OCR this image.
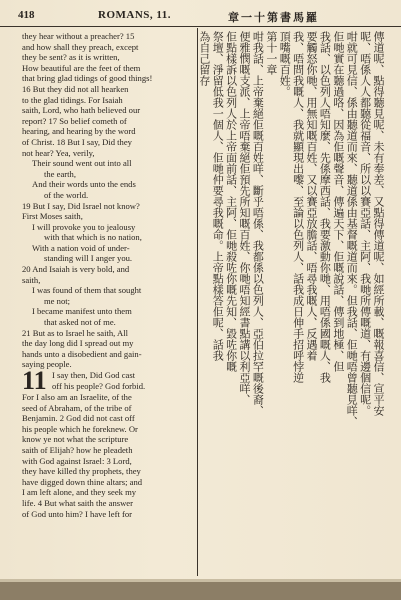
418	ROMANS, 11.	章一十第書馬羅
they hear without a preacher? 15
and how shall they preach, except
they be sent? as it is written,
How beautiful are the feet of them
that bring glad tidings of good things!
16 But they did not all hearken
to the glad tidings. For Isaiah
saith, Lord, who hath believed our
report? 17 So belief cometh of
hearing, and hearing by the word
of Christ. 18 But I say, Did they
not hear? Yea, verily,
Their sound went out into all
the earth,
And their words unto the ends
of the world.
19 But I say, Did Israel not know?
First Moses saith,
I will provoke you to jealousy
with that which is no nation,
With a nation void of under-
standing will I anger you.
20 And Isaiah is very bold, and
saith,
I was found of them that sought
me not;
I became manifest unto them
that asked not of me.
21 But as to Israel he saith, All
the day long did I spread out my
hands unto a disobedient and gain-
saying people.
11 I say then, Did God cast
off his people? God forbid.
For I also am an Israelite, of the
seed of Abraham, of the tribe of
Benjamin. 2 God did not cast off
his people which he foreknew. Or
know ye not what the scripture
saith of Elijah? how he pleadeth
with God against Israel: 3 Lord,
they have killed thy prophets, they
have digged down thine altars; and
I am left alone, and they seek my
life. 4 But what saith the answer
of God unto him? I have left for
傳道呢、點得聽見呢、未有奉差、又點得傳道呢、如經所載、嘅報喜信、宣平安
呢、唔係人人都聽從福音、所以以賽亞話、主阿、我哋所傳嘅道、有邊個信呢。
咁就可見信、係由聽道而來、聽道係由基督嘅道而來。但我話、佢哋唔曾聽見咩、
佢哋實在聽過咯、因為佢嘅聲音、傳遍天下、佢嘅說話、傳到地極、但
我話、以色列人唔知麼、先係摩西話、我要激動你哋、用唔係國嘅人、我
要觸怒你哋、用無知嘅百姓、又以賽亞放膽話、唔尋我嘅人、反遇着
我、唔問我嘅人、我就顯現出嚟、至論以色列人、話我成日伸手招呼悖逆
頂嘴嘅百姓。
第十一章
咁我話、上帝棄絕佢嘅百姓咩、斷乎唔係、我都係以色列人、亞伯拉罕嘅後裔、
便雅憫嘅支派、上帝唔棄絕佢預先所知嘅百姓、你哋唔知經書點講以利亞咩、
佢點樣訴以色列人於上帝面前話、主阿、佢哋殺咗你嘅先知、毀咗你嘅
祭壇、淨留低我一個人、佢哋仲要尋我嘅命。上帝點樣答佢呢、話我
為自己留存
